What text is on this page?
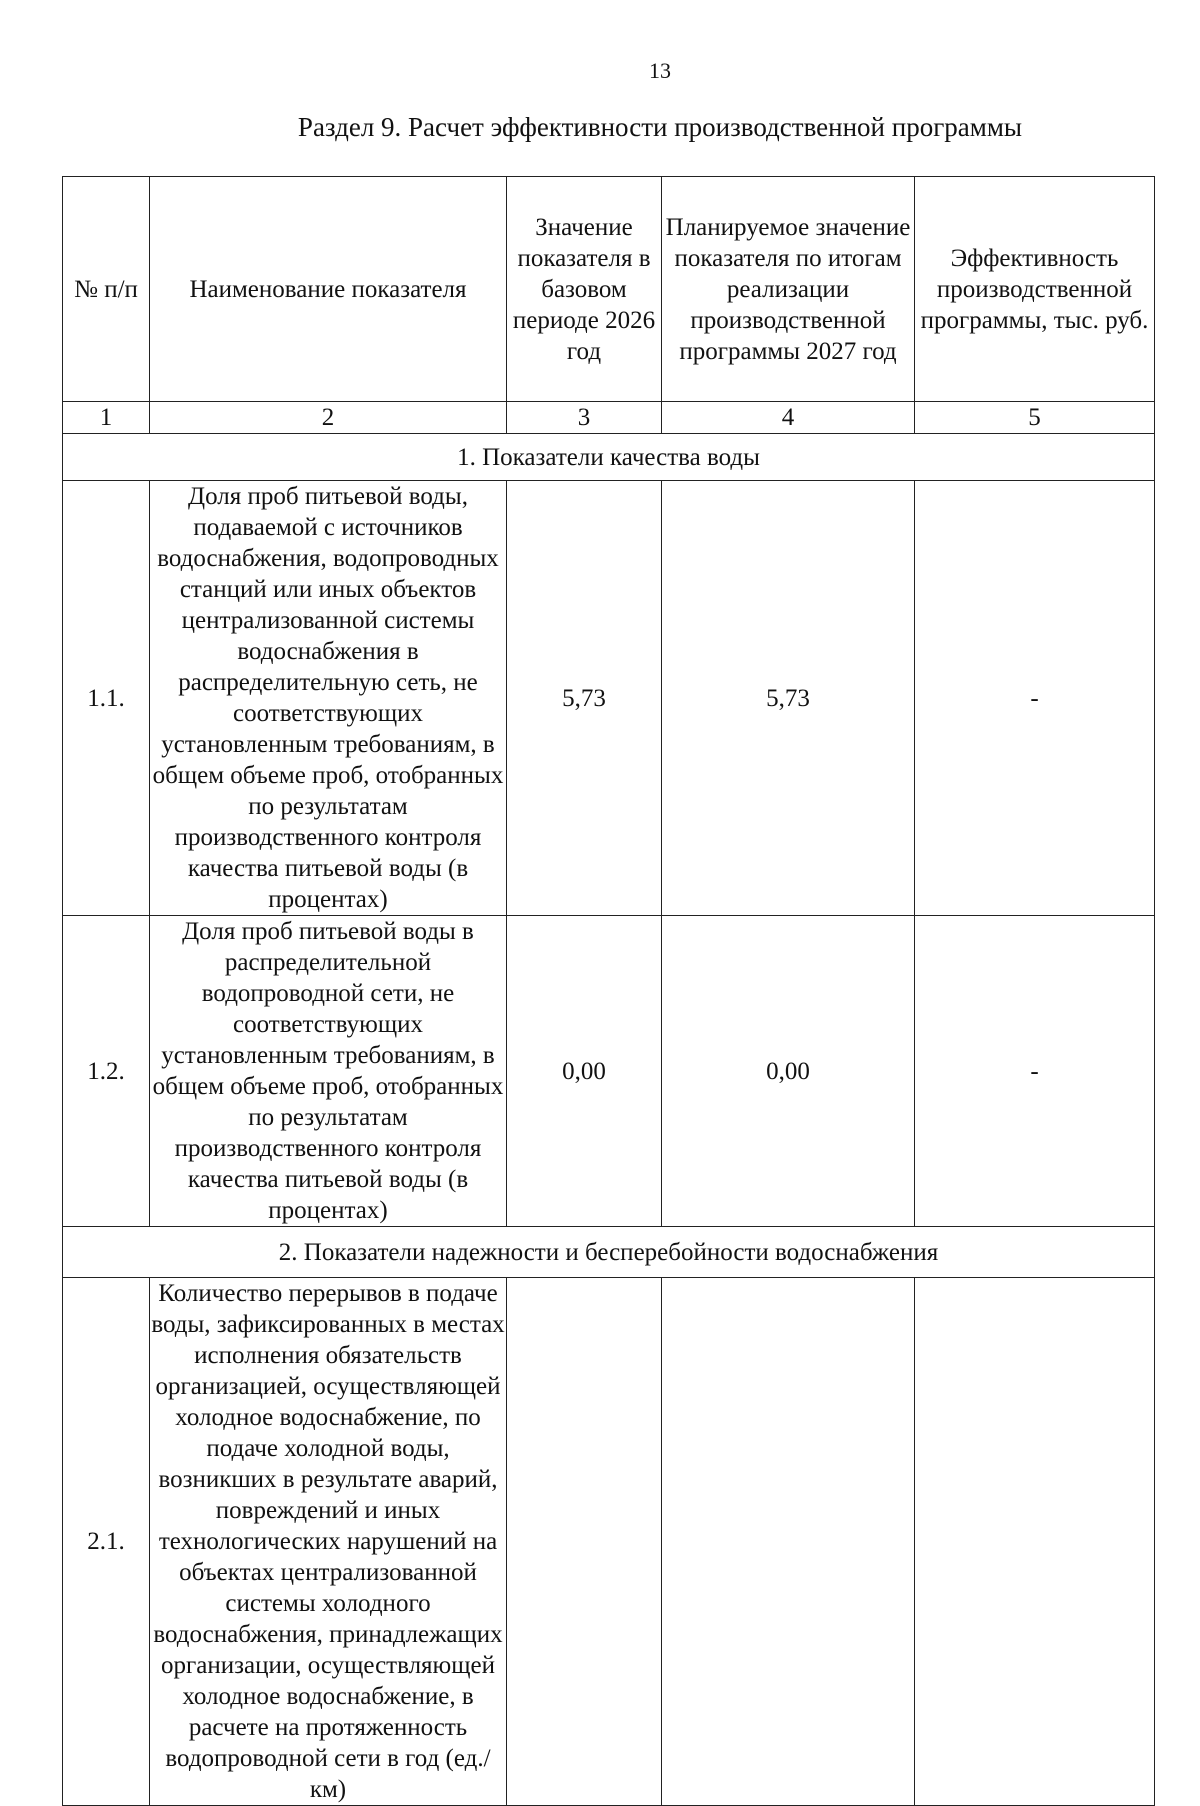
13
Раздел 9. Расчет эффективности производственной программы
№ п/п	Наименование показателя	Значение показателя в базовом периоде 2026 год	Планируемое значение показателя по итогам реализации производственной программы 2027 год	Эффективность производственной программы, тыс. руб.
1	2	3	4	5
1. Показатели качества воды				
1.1.	Доля проб питьевой воды, подаваемой с источников водоснабжения, водопроводных станций или иных объектов централизованной системы водоснабжения в распределительную сеть, не соответствующих установленным требованиям, в общем объеме проб, отобранных по результатам производственного контроля качества питьевой воды (в процентах)	5,73	5,73	-
1.2.	Доля проб питьевой воды в распределительной водопроводной сети, не соответствующих установленным требованиям, в общем объеме проб, отобранных по результатам производственного контроля качества питьевой воды (в процентах)	0,00	0,00	-
2. Показатели надежности и бесперебойности водоснабжения				
2.1.	Количество перерывов в подаче воды, зафиксированных в местах исполнения обязательств организацией, осуществляющей холодное водоснабжение, по подаче холодной воды, возникших в результате аварий, повреждений и иных технологических нарушений на объектах централизованной системы холодного водоснабжения, принадлежащих организации, осуществляющей холодное водоснабжение, в расчете на протяженность водопроводной сети в год (ед./км)			
